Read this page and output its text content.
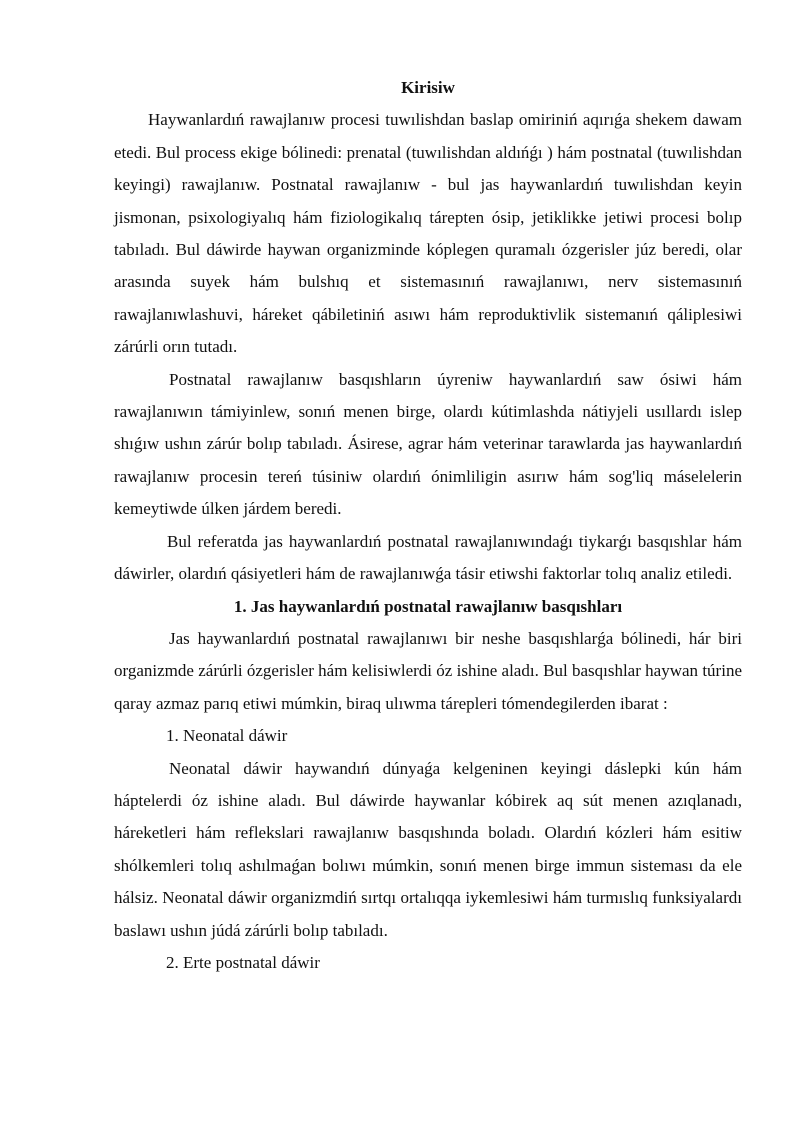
Kirisiw

Haywanlardıń rawajlanıw procesi tuwılishdan baslap omiriniń aqırıǵa shekem dawam etedi. Bul process ekige bólinedi: prenatal (tuwılishdan aldıńǵı ) hám postnatal (tuwılishdan keyingi) rawajlanıw. Postnatal rawajlanıw - bul jas haywanlardıń tuwılishdan keyin jismonan, psixologiyalıq hám fiziologikalıq tárepten ósip, jetiklikke jetiwi procesi bolıp tabıladı. Bul dáwirde haywan organizminde kóplegen quramalı ózgerisler júz beredi, olar arasında suyek hám bulshıq et sistemasınıń rawajlanıwı, nerv sistemasınıń rawajlanıwlashuvi, háreket qábiletiniń asıwı hám reproduktivlik sistemanıń qáliplesiwi zárúrli orın tutadı.

Postnatal rawajlanıw basqıshların úyreniw haywanlardıń saw ósiwi hám rawajlanıwın támiyinlew, sonıń menen birge, olardı kútimlashda nátiyjeli usıllardı islep shıǵıw ushın zárúr bolıp tabıladı. Ásirese, agrar hám veterinar tarawlarda jas haywanlardıń rawajlanıw procesin tereń túsiniw olardıń ónimliligin asırıw hám sog'liq máselelerin kemeytiwde úlken járdem beredi.

Bul referatda jas haywanlardıń postnatal rawajlanıwındaǵı tiykarǵı basqıshlar hám dáwirler, olardıń qásiyetleri hám de rawajlanıwǵa tásir etiwshi faktorlar tolıq analiz etiledi.

1. Jas haywanlardıń postnatal rawajlanıw basqıshları

Jas haywanlardıń postnatal rawajlanıwı bir neshe basqıshlarǵa bólinedi, hár biri organizmde zárúrli ózgerisler hám kelisiwlerdi óz ishine aladı. Bul basqıshlar haywan túrine qaray azmaz parıq etiwi múmkin, biraq ulıwma tárepleri tómendegilerden ibarat :

1. Neonatal dáwir

Neonatal dáwir haywandıń dúnyaǵa kelgeninen keyingi dáslepki kún hám háptelerdi óz ishine aladı. Bul dáwirde haywanlar kóbirek aq sút menen azıqlanadı, háreketleri hám reflekslari rawajlanıw basqıshında boladı. Olardıń kózleri hám esitiw shólkemleri tolıq ashılmaǵan bolıwı múmkin, sonıń menen birge immun sisteması da ele hálsiz. Neonatal dáwir organizmdiń sırtqı ortalıqqa iykemlesiwi hám turmıslıq funksiyalardı baslawı ushın júdá zárúrli bolıp tabıladı.

2. Erte postnatal dáwir
